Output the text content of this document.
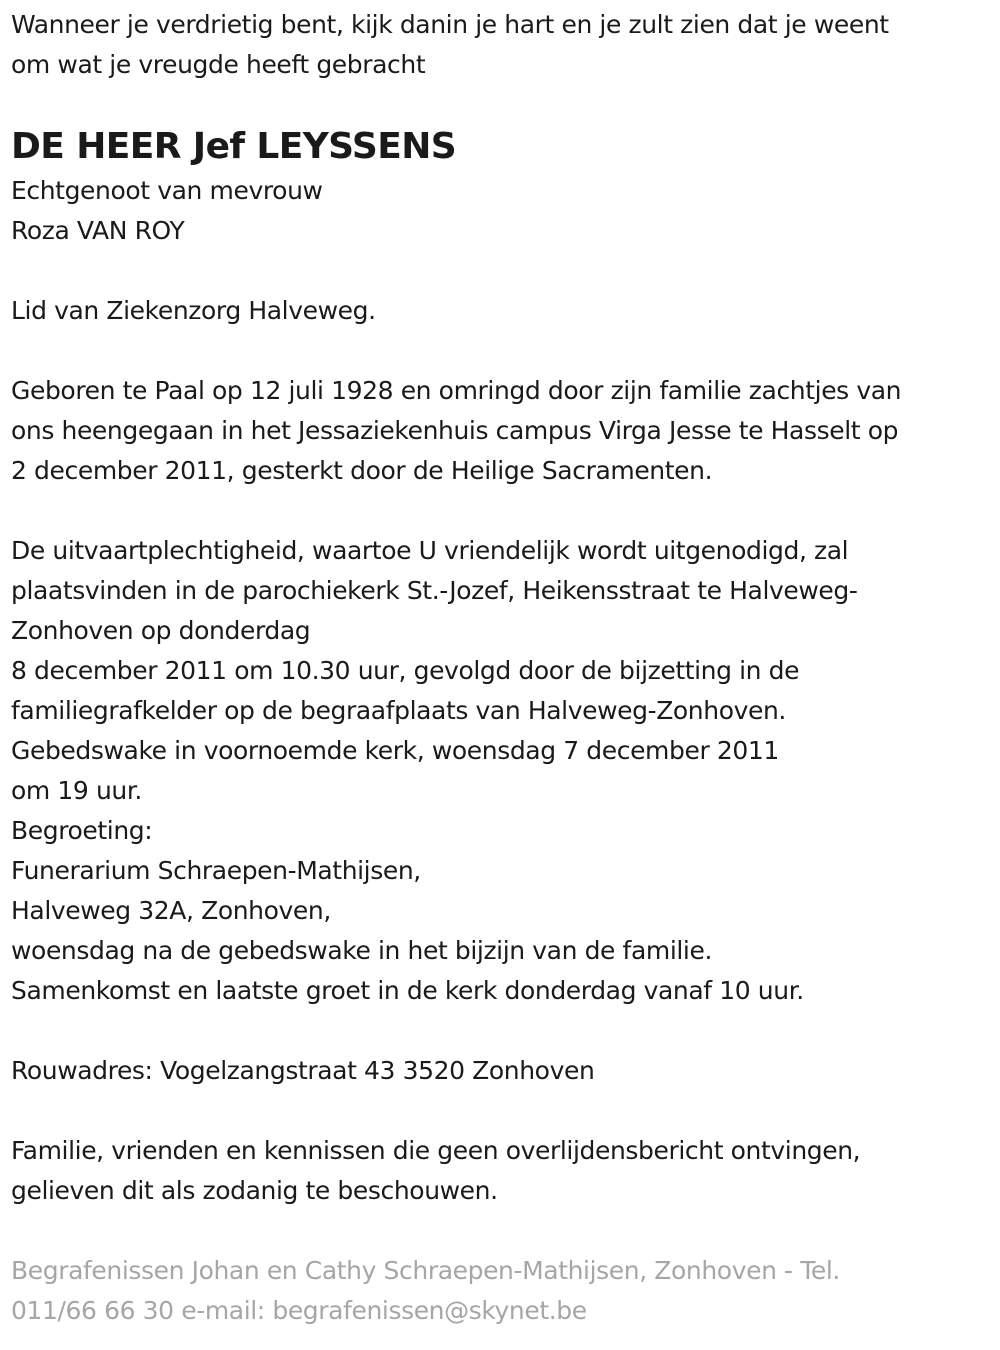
Wanneer je verdrietig bent, kijk danin je hart en je zult zien dat je weent
om wat je vreugde heeft gebracht
DE HEER Jef LEYSSENS
Echtgenoot van mevrouw
Roza VAN ROY
Lid van Ziekenzorg Halveweg.
Geboren te Paal op 12 juli 1928 en omringd door zijn familie zachtjes van
ons heengegaan in het Jessaziekenhuis campus Virga Jesse te Hasselt op
2 december 2011, gesterkt door de Heilige Sacramenten.
De uitvaartplechtigheid, waartoe U vriendelijk wordt uitgenodigd, zal
plaatsvinden in de parochiekerk St.-Jozef, Heikensstraat te Halveweg-
Zonhoven op donderdag
8 december 2011 om 10.30 uur, gevolgd door de bijzetting in de
familiegrafkelder op de begraafplaats van Halveweg-Zonhoven.
Gebedswake in voornoemde kerk, woensdag 7 december 2011
om 19 uur.
Begroeting:
Funerarium Schraepen-Mathijsen,
Halveweg 32A, Zonhoven,
woensdag na de gebedswake in het bijzijn van de familie.
Samenkomst en laatste groet in de kerk donderdag vanaf 10 uur.
Rouwadres: Vogelzangstraat 43 3520 Zonhoven
Familie, vrienden en kennissen die geen overlijdensbericht ontvingen,
gelieven dit als zodanig te beschouwen.
Begrafenissen Johan en Cathy Schraepen-Mathijsen, Zonhoven - Tel.
011/66 66 30 e-mail: begrafenissen@skynet.be
